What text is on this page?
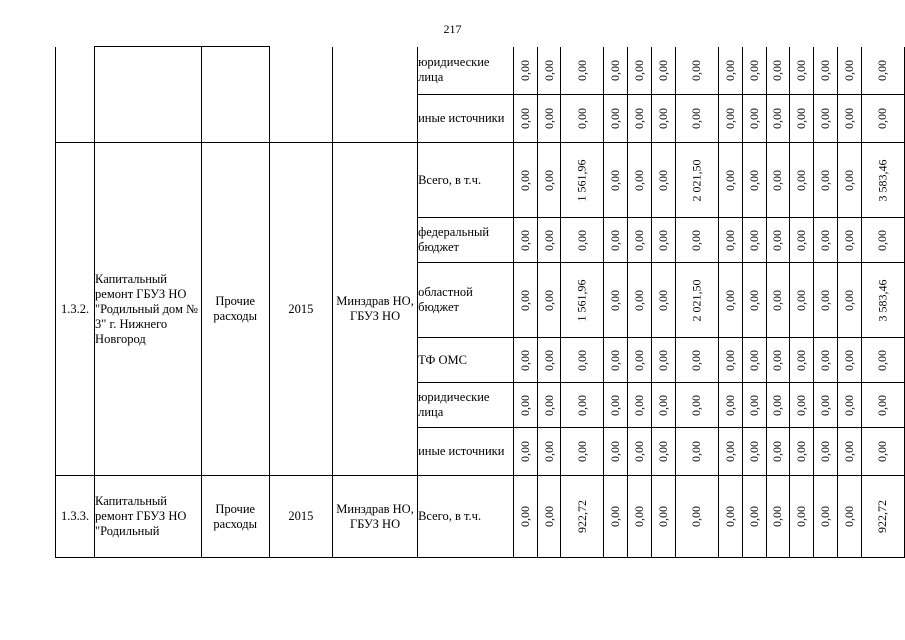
217
					юридические лица	0,00	0,00	0,00	0,00	0,00	0,00	0,00	0,00	0,00	0,00	0,00	0,00	0,00	0,00
					иные источники	0,00	0,00	0,00	0,00	0,00	0,00	0,00	0,00	0,00	0,00	0,00	0,00	0,00	0,00
1.3.2.	Капитальный ремонт ГБУЗ НО "Родильный дом № 3" г. Нижнего Новгород	Прочие расходы	2015	Минздрав НО, ГБУЗ НО	Всего, в т.ч.	0,00	0,00	1 561,96	0,00	0,00	0,00	2 021,50	0,00	0,00	0,00	0,00	0,00	0,00	3 583,46
					федеральный бюджет	0,00	0,00	0,00	0,00	0,00	0,00	0,00	0,00	0,00	0,00	0,00	0,00	0,00	0,00
					областной бюджет	0,00	0,00	1 561,96	0,00	0,00	0,00	2 021,50	0,00	0,00	0,00	0,00	0,00	0,00	3 583,46
					ТФ ОМС	0,00	0,00	0,00	0,00	0,00	0,00	0,00	0,00	0,00	0,00	0,00	0,00	0,00	0,00
					юридические лица	0,00	0,00	0,00	0,00	0,00	0,00	0,00	0,00	0,00	0,00	0,00	0,00	0,00	0,00
					иные источники	0,00	0,00	0,00	0,00	0,00	0,00	0,00	0,00	0,00	0,00	0,00	0,00	0,00	0,00
1.3.3.	Капитальный ремонт ГБУЗ НО "Родильный	Прочие расходы	2015	Минздрав НО, ГБУЗ НО	Всего, в т.ч.	0,00	0,00	922,72	0,00	0,00	0,00	0,00	0,00	0,00	0,00	0,00	0,00	0,00	922,72
